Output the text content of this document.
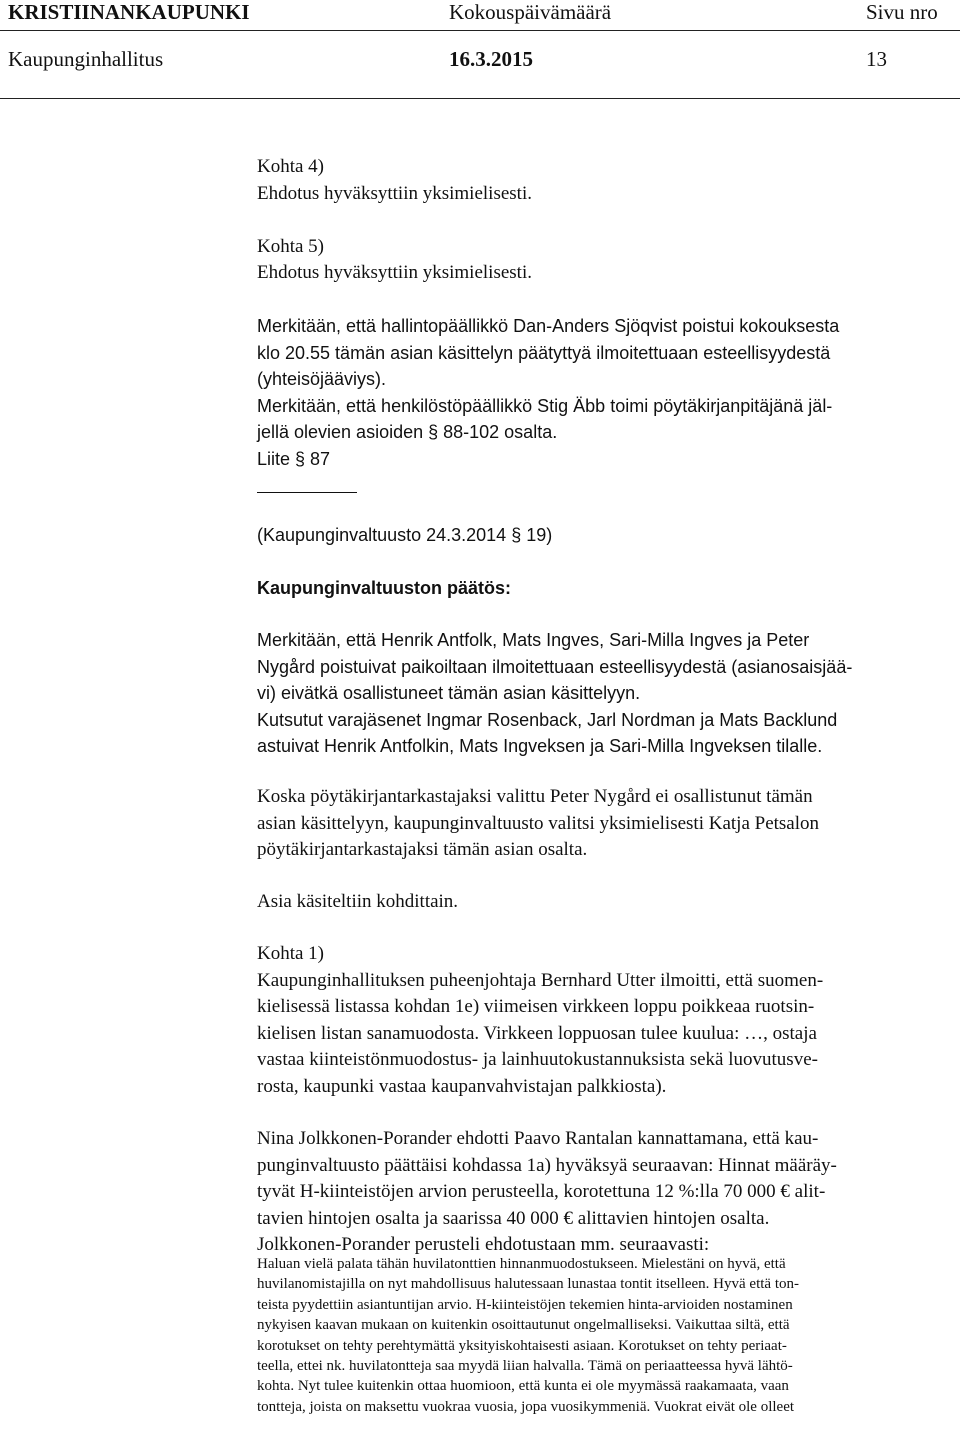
KRISTIINANKAUPUNKI	Kokouspäivämäärä	Sivu nro
Kaupunginhallitus	16.3.2015	13

Kohta 4)

Ehdotus hyväksyttiin yksimielisesti.

Kohta 5)

Ehdotus hyväksyttiin yksimielisesti.

Merkitään, että hallintopäällikkö Dan-Anders Sjöqvist poistui kokouksesta

klo 20.55 tämän asian käsittelyn päätyttyä ilmoitettuaan esteellisyydestä

(yhteisöjääviys).

Merkitään, että henkilöstöpäällikkö Stig Äbb toimi pöytäkirjanpitäjänä jäl-

jellä olevien asioiden § 88-102 osalta.

Liite § 87

(Kaupunginvaltuusto 24.3.2014 § 19)

Kaupunginvaltuuston päätös:

Merkitään, että Henrik Antfolk, Mats Ingves, Sari-Milla Ingves ja Peter

Nygård poistuivat paikoiltaan ilmoitettuaan esteellisyydestä (asianosaisjää-

vi) eivätkä osallistuneet tämän asian käsittelyyn.

Kutsutut varajäsenet Ingmar Rosenback, Jarl Nordman ja Mats Backlund

astuivat Henrik Antfolkin, Mats Ingveksen ja Sari-Milla Ingveksen tilalle.

Koska pöytäkirjantarkastajaksi valittu Peter Nygård ei osallistunut tämän

asian käsittelyyn, kaupunginvaltuusto valitsi yksimielisesti Katja Petsalon

pöytäkirjantarkastajaksi tämän asian osalta.

Asia käsiteltiin kohdittain.

Kohta 1)

Kaupunginhallituksen puheenjohtaja Bernhard Utter ilmoitti, että suomen-

kielisessä listassa kohdan 1e) viimeisen virkkeen loppu poikkeaa ruotsin-

kielisen listan sanamuodosta. Virkkeen loppuosan tulee kuulua: …, ostaja

vastaa kiinteistönmuodostus- ja lainhuutokustannuksista sekä luovutusve-

rosta, kaupunki vastaa kaupanvahvistajan palkkiosta).

Nina Jolkkonen-Porander ehdotti Paavo Rantalan kannattamana, että kau-

punginvaltuusto päättäisi kohdassa 1a) hyväksyä seuraavan: Hinnat määräy-

tyvät H-kiinteistöjen arvion perusteella, korotettuna 12 %:lla 70 000 € alit-

tavien hintojen osalta ja saarissa 40 000 € alittavien hintojen osalta.

Jolkkonen-Porander perusteli ehdotustaan mm. seuraavasti:

Haluan vielä palata tähän huvilatonttien hinnanmuodostukseen. Mielestäni on hyvä, että

huvilanomistajilla on nyt mahdollisuus halutessaan lunastaa tontit itselleen. Hyvä että ton-

teista pyydettiin asiantuntijan arvio. H-kiinteistöjen tekemien hinta-arvioiden nostaminen

nykyisen kaavan mukaan on kuitenkin osoittautunut ongelmalliseksi. Vaikuttaa siltä, että

korotukset on tehty perehtymättä yksityiskohtaisesti asiaan. Korotukset on tehty periaat-

teella, ettei nk. huvilatontteja saa myydä liian halvalla. Tämä on periaatteessa hyvä lähtö-

kohta. Nyt tulee kuitenkin ottaa huomioon, että kunta ei ole myymässä raakamaata, vaan

tontteja, joista on maksettu vuokraa vuosia, jopa vuosikymmeniä. Vuokrat eivät ole olleet
